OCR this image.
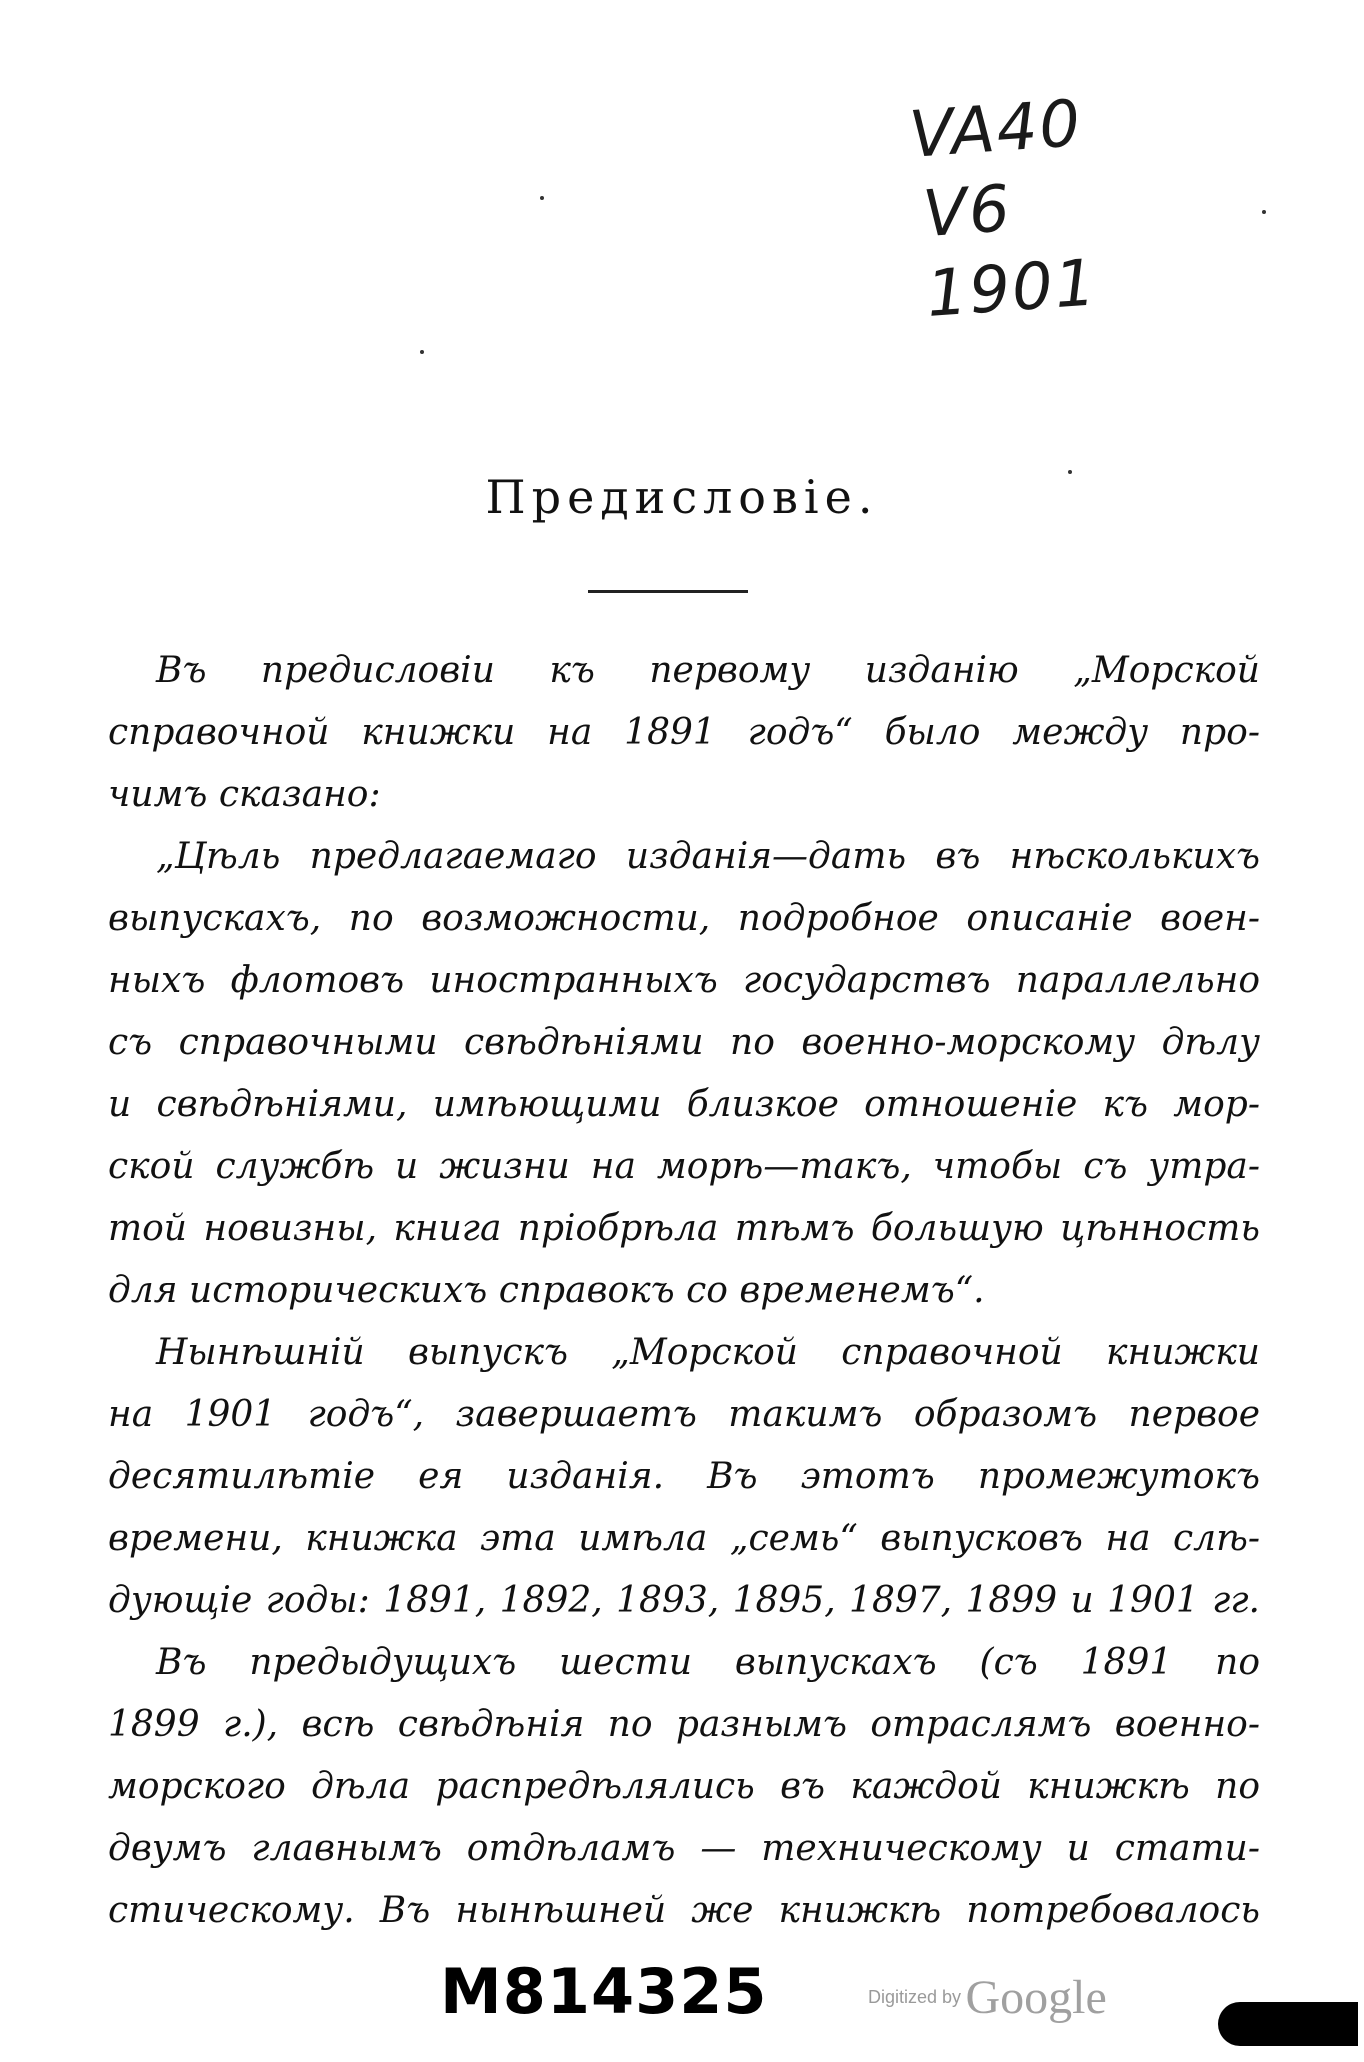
VA40
V6
1901
Предисловіе.
Въ предисловіи къ первому изданію „Морской
справочной книжки на 1891 годъ“ было между про-
чимъ сказано:
„Цѣль предлагаемаго изданія—дать въ нѣсколькихъ
выпускахъ, по возможности, подробное описаніе воен-
ныхъ флотовъ иностранныхъ государствъ параллельно
съ справочными свѣдѣніями по военно-морскому дѣлу
и свѣдѣніями, имѣющими близкое отношеніе къ мор-
ской службѣ и жизни на морѣ—такъ, чтобы съ утра-
той новизны, книга пріобрѣла тѣмъ большую цѣнность
для историческихъ справокъ со временемъ“.
Нынѣшній выпускъ „Морской справочной книжки
на 1901 годъ“, завершаетъ такимъ образомъ первое
десятилѣтіе ея изданія. Въ этотъ промежутокъ
времени, книжка эта имѣла „семь“ выпусковъ на слѣ-
дующіе годы: 1891, 1892, 1893, 1895, 1897, 1899 и 1901 гг.
Въ предыдущихъ шести выпускахъ (съ 1891 по
1899 г.), всѣ свѣдѣнія по разнымъ отраслямъ военно-
морского дѣла распредѣлялись въ каждой книжкѣ по
двумъ главнымъ отдѣламъ — техническому и стати-
стическому. Въ нынѣшней же книжкѣ потребовалось
M814325	Digitized by Google
